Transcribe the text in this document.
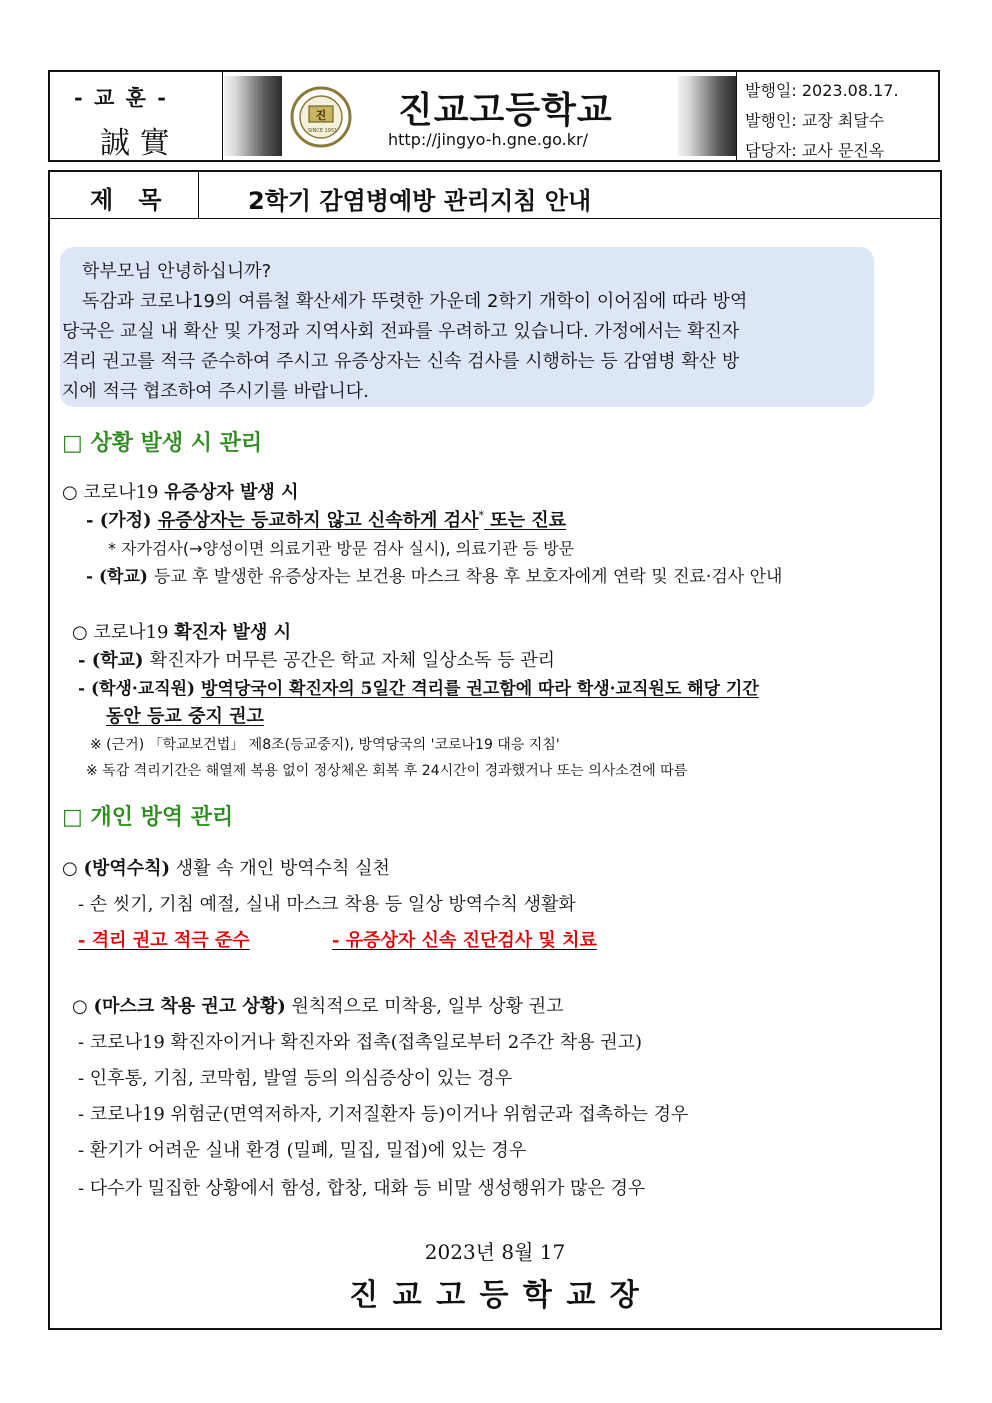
- 교 훈 -
誠 實
진
SINCE 1951 진교고등학교
http://jingyo-h.gne.go.kr/
발행일: 2023.08.17.
발행인: 교장 최달수
담당자: 교사 문진옥
제   목	2학기 감염병예방 관리지침 안내
학부모님 안녕하십니까?
독감과 코로나19의 여름철 확산세가 뚜렷한 가운데 2학기 개학이 이어짐에 따라 방역
당국은 교실 내 확산 및 가정과 지역사회 전파를 우려하고 있습니다. 가정에서는 확진자
격리 권고를 적극 준수하여 주시고 유증상자는 신속 검사를 시행하는 등 감염병 확산 방
지에 적극 협조하여 주시기를 바랍니다.
□ 상황 발생 시 관리
○ 코로나19 유증상자 발생 시
- (가정) 유증상자는 등교하지 않고 신속하게 검사* 또는 진료
* 자가검사(→양성이면 의료기관 방문 검사 실시), 의료기관 등 방문
- (학교) 등교 후 발생한 유증상자는 보건용 마스크 착용 후 보호자에게 연락 및 진료·검사 안내
○ 코로나19 확진자 발생 시
- (학교) 확진자가 머무른 공간은 학교 자체 일상소독 등 관리
- (학생·교직원) 방역당국이 확진자의 5일간 격리를 권고함에 따라 학생·교직원도 해당 기간
동안 등교 중지 권고
※ (근거) 「학교보건법」 제8조(등교중지), 방역당국의 '코로나19 대응 지침'
※ 독감 격리기간은 해열제 복용 없이 정상체온 회복 후 24시간이 경과했거나 또는 의사소견에 따름
□ 개인 방역 관리
○ (방역수칙) 생활 속 개인 방역수칙 실천
- 손 씻기, 기침 예절, 실내 마스크 착용 등 일상 방역수칙 생활화
- 격리 권고 적극 준수	- 유증상자 신속 진단검사 및 치료
○ (마스크 착용 권고 상황) 원칙적으로 미착용, 일부 상황 권고
- 코로나19 확진자이거나 확진자와 접촉(접촉일로부터 2주간 착용 권고)
- 인후통, 기침, 코막힘, 발열 등의 의심증상이 있는 경우
- 코로나19 위험군(면역저하자, 기저질환자 등)이거나 위험군과 접촉하는 경우
- 환기가 어려운 실내 환경 (밀폐, 밀집, 밀접)에 있는 경우
- 다수가 밀집한 상황에서 함성, 합창, 대화 등 비말 생성행위가 많은 경우
2023년 8월 17
진 교 고 등 학 교 장
